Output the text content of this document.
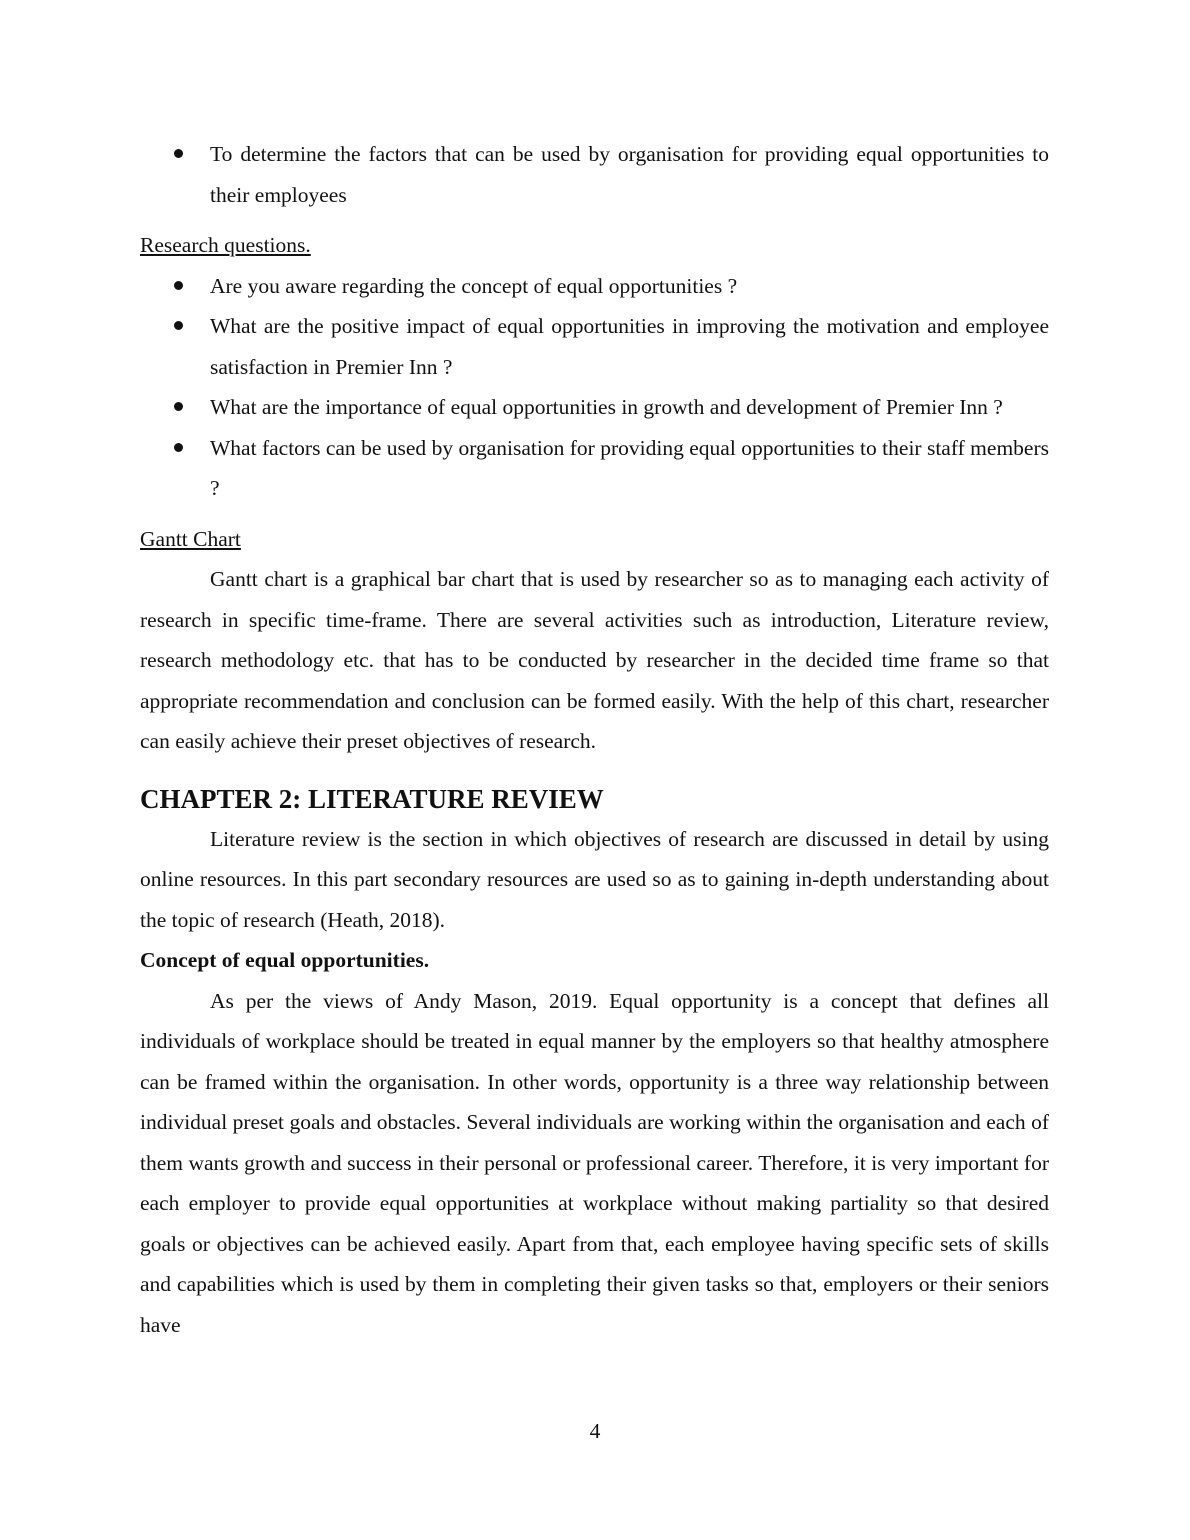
To determine the factors that can be used by organisation for providing equal opportunities to their employees
Research questions.
Are you aware regarding the concept of equal opportunities ?
What are the positive impact of equal opportunities in improving the motivation and employee satisfaction in Premier Inn ?
What are the importance of equal opportunities in growth and development of Premier Inn ?
What factors can be used by organisation for providing equal opportunities to their staff members ?
Gantt Chart

Gantt chart is a graphical bar chart that is used by researcher so as to managing each activity of research in specific time-frame. There are several activities such as introduction, Literature review, research methodology etc. that has to be conducted by researcher in the decided time frame so that appropriate recommendation and conclusion can be formed easily. With the help of this chart, researcher can easily achieve their preset objectives of research.

CHAPTER 2: LITERATURE REVIEW

Literature review is the section in which objectives of research are discussed in detail by using online resources. In this part secondary resources are used so as to gaining in-depth understanding about the topic of research (Heath, 2018).

Concept of equal opportunities.

As per the views of Andy Mason, 2019. Equal opportunity is a concept that defines all individuals of workplace should be treated in equal manner by the employers so that healthy atmosphere can be framed within the organisation. In other words, opportunity is a three way relationship between individual preset goals and obstacles. Several individuals are working within the organisation and each of them wants growth and success in their personal or professional career. Therefore, it is very important for each employer to provide equal opportunities at workplace without making partiality so that desired goals or objectives can be achieved easily. Apart from that, each employee having specific sets of skills and capabilities which is used by them in completing their given tasks so that, employers or their seniors have

4
